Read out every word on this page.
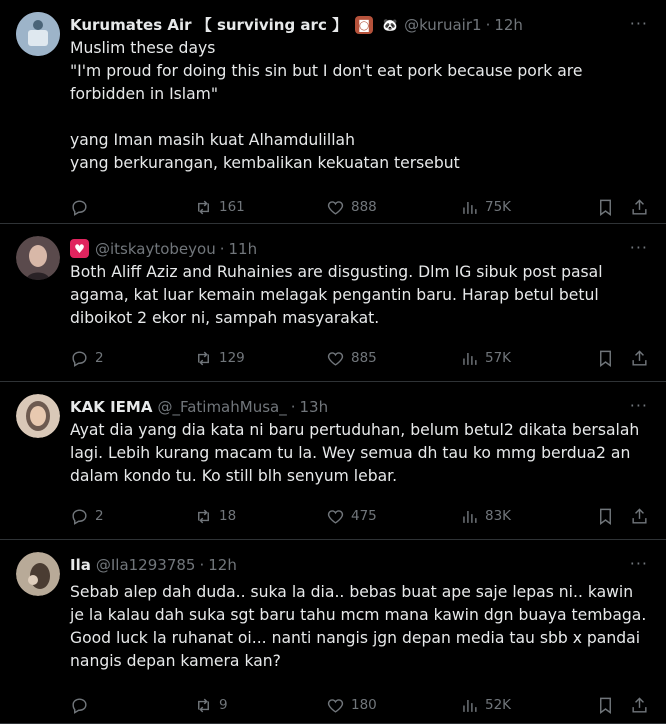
Kurumates Air 【 surviving arc 】 ◙ 🐼 @kuruair1 · 12h
Muslim these days
"I'm proud for doing this sin but I don't eat pork because pork are forbidden in Islam"

yang Iman masih kuat Alhamdulillah
yang berkurangan, kembalikan kekuatan tersebut
161	888	75K
···
♥ @itskaytobeyou · 11h
Both Aliff Aziz and Ruhainies are disgusting. Dlm IG sibuk post pasal agama, kat luar kemain melagak pengantin baru. Harap betul betul diboikot 2 ekor ni, sampah masyarakat.
2	129	885	57K
···
KAK IEMA @_FatimahMusa_ · 13h
Ayat dia yang dia kata ni baru pertuduhan, belum betul2 dikata bersalah lagi. Lebih kurang macam tu la. Wey semua dh tau ko mmg berdua2 an dalam kondo tu. Ko still blh senyum lebar.
2	18	475	83K
···
Ila @Ila1293785 · 12h
Sebab alep dah duda.. suka la dia.. bebas buat ape saje lepas ni.. kawin je la kalau dah suka sgt baru tahu mcm mana kawin dgn buaya tembaga. Good luck la ruhanat oi... nanti nangis jgn depan media tau sbb x pandai nangis depan kamera kan?
9	180	52K
···
